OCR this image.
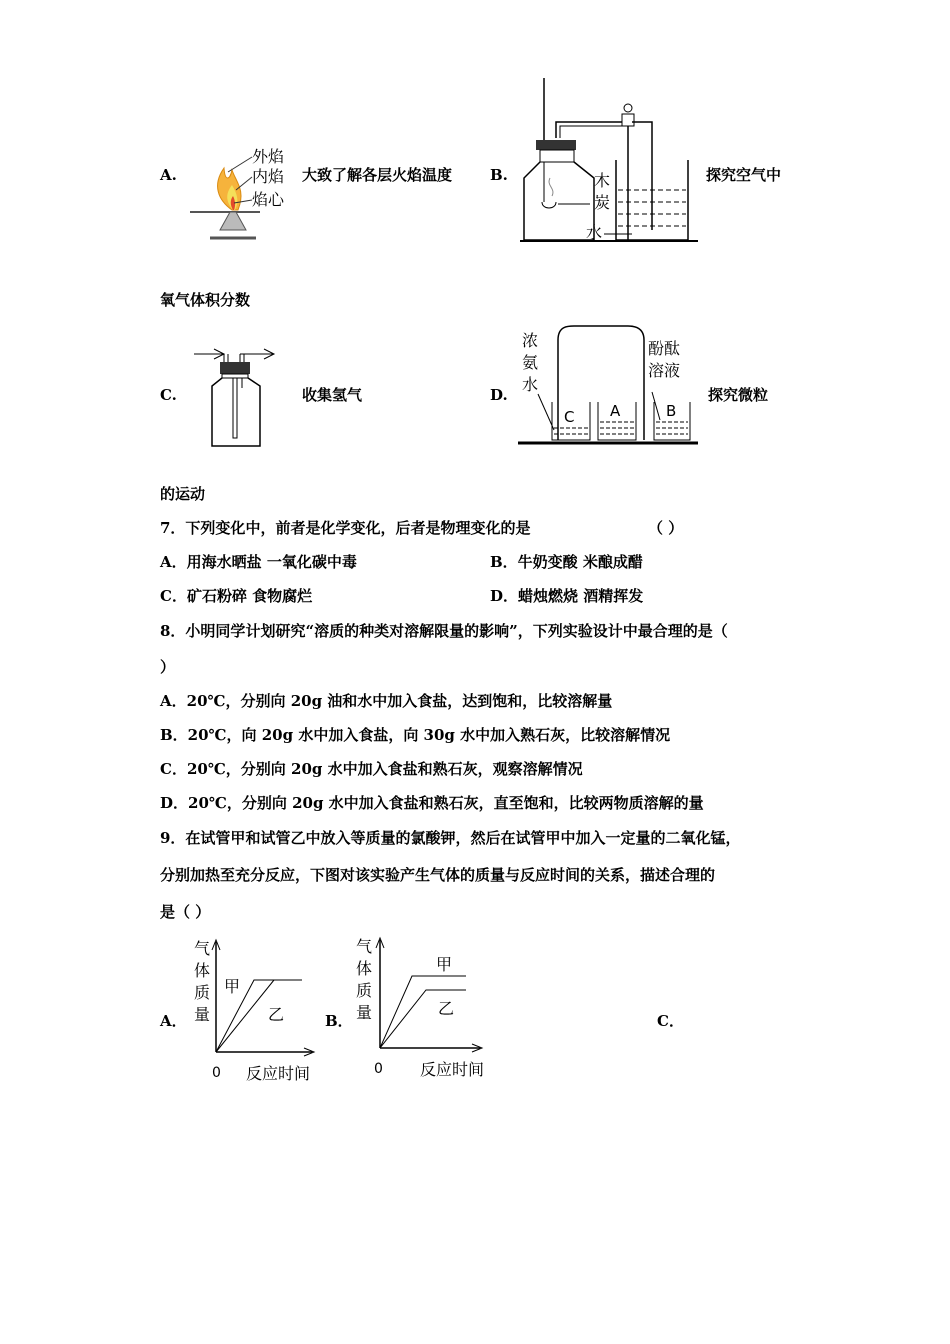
A.
外焰
内焰
焰心
大致了解各层火焰温度	B.	木
炭
水
探究空气中
氧气体积分数
C.	收集氢气	D.
C A	B
浓
氨
水
酚酞
溶液
探究微粒
的运动
7．下列变化中，前者是化学变化，后者是物理变化的是	（ ）
A．用海水晒盐 一氧化碳中毒	B．牛奶变酸 米酿成醋
C．矿石粉碎 食物腐烂	D．蜡烛燃烧 酒精挥发
8．小明同学计划研究“溶质的种类对溶解限量的影响”，下列实验设计中最合理的是（
）
A．20℃，分别向 20g 油和水中加入食盐，达到饱和，比较溶解量
B．20℃，向 20g 水中加入食盐，向 30g 水中加入熟石灰，比较溶解情况
C．20℃，分别向 20g 水中加入食盐和熟石灰，观察溶解情况
D．20℃，分别向 20g 水中加入食盐和熟石灰，直至饱和，比较两物质溶解的量
9．在试管甲和试管乙中放入等质量的氯酸钾，然后在试管甲中加入一定量的二氧化锰，
分别加热至充分反应，下图对该实验产生气体的质量与反应时间的关系，描述合理的
是（ ）
A．
气
体
质
量
甲
乙
0 反应时间
B．
气
体
质
量
甲
乙
0 反应时间
C．
